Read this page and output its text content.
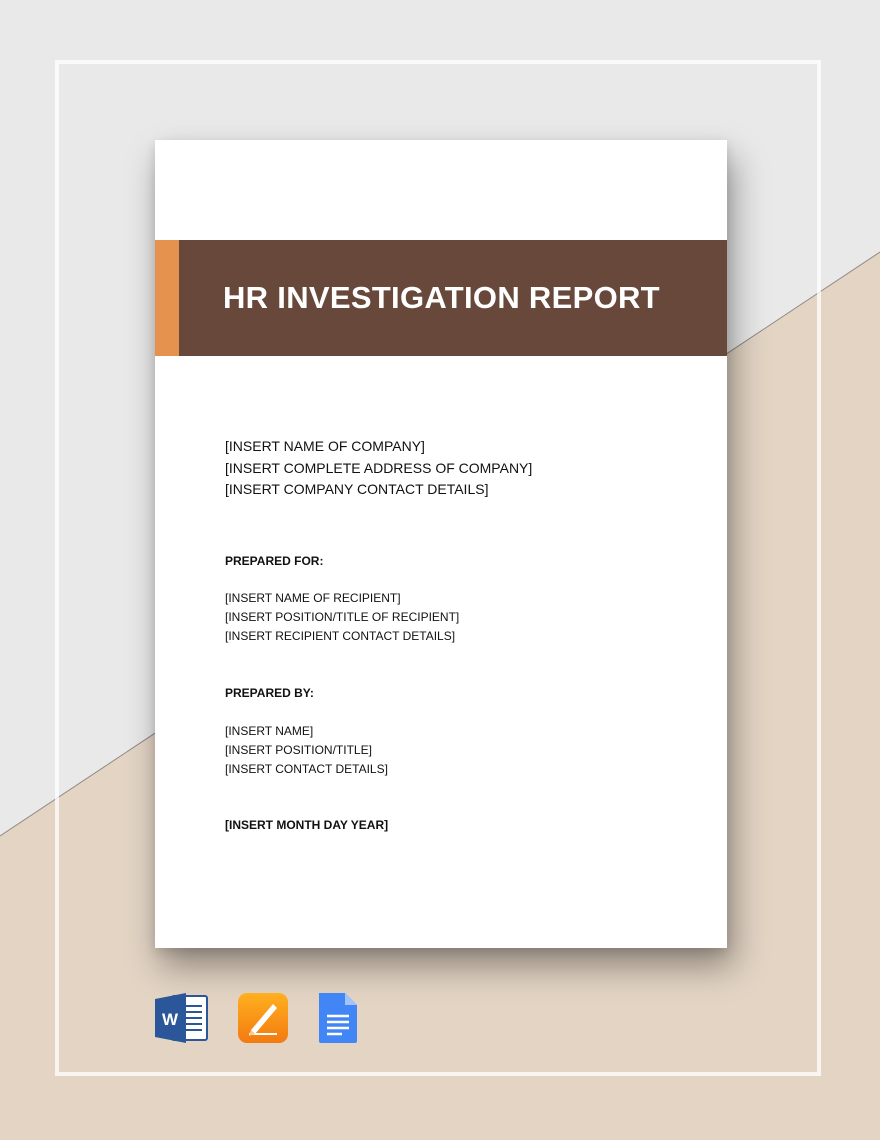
HR INVESTIGATION REPORT
[INSERT NAME OF COMPANY]
[INSERT COMPLETE ADDRESS OF COMPANY]
[INSERT COMPANY CONTACT DETAILS]
PREPARED FOR:
[INSERT NAME OF RECIPIENT]
[INSERT POSITION/TITLE OF RECIPIENT]
[INSERT RECIPIENT CONTACT DETAILS]
PREPARED BY:
[INSERT NAME]
[INSERT POSITION/TITLE]
[INSERT CONTACT DETAILS]
[INSERT MONTH DAY YEAR]
W
